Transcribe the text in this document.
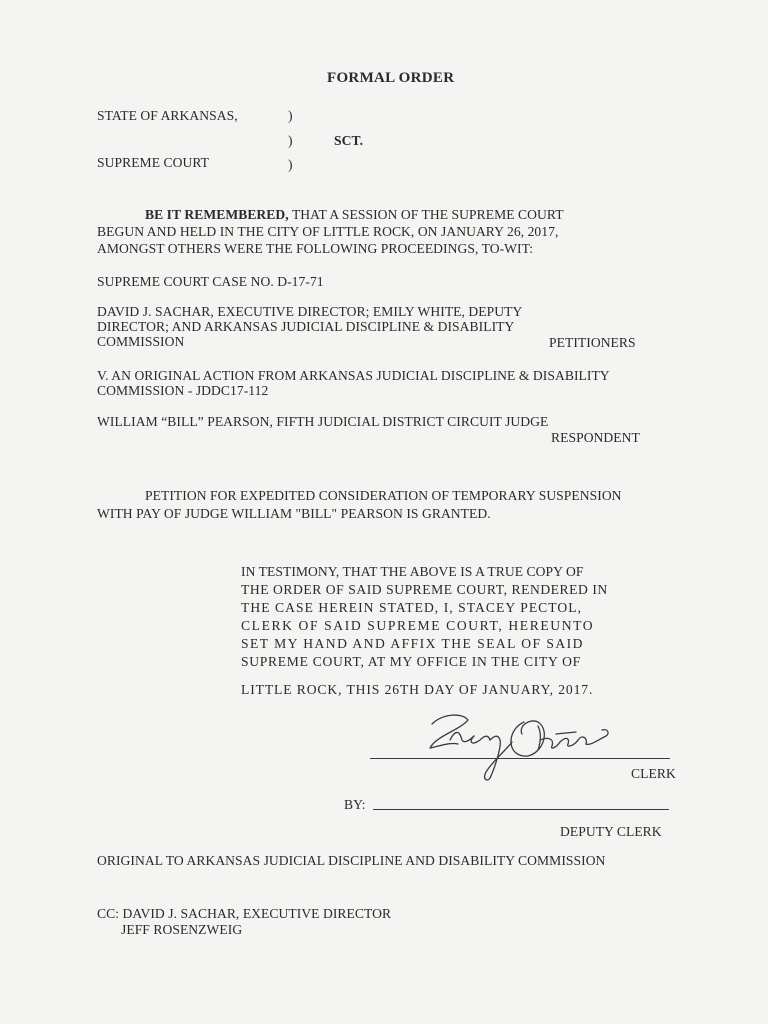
FORMAL ORDER
STATE OF ARKANSAS,	)
)	SCT.
SUPREME COURT	)
BE IT REMEMBERED, THAT A SESSION OF THE SUPREME COURT
BEGUN AND HELD IN THE CITY OF LITTLE ROCK, ON JANUARY 26, 2017,
AMONGST OTHERS WERE THE FOLLOWING PROCEEDINGS, TO-WIT:
SUPREME COURT CASE NO. D-17-71
DAVID J. SACHAR, EXECUTIVE DIRECTOR; EMILY WHITE, DEPUTY
DIRECTOR; AND ARKANSAS JUDICIAL DISCIPLINE & DISABILITY
COMMISSION	PETITIONERS
V. AN ORIGINAL ACTION FROM ARKANSAS JUDICIAL DISCIPLINE & DISABILITY
COMMISSION - JDDC17-112
WILLIAM “BILL” PEARSON, FIFTH JUDICIAL DISTRICT CIRCUIT JUDGE
RESPONDENT
PETITION FOR EXPEDITED CONSIDERATION OF TEMPORARY SUSPENSION
WITH PAY OF JUDGE WILLIAM "BILL" PEARSON IS GRANTED.
IN TESTIMONY, THAT THE ABOVE IS A TRUE COPY OF
THE ORDER OF SAID SUPREME COURT, RENDERED IN
THE CASE HEREIN STATED, I, STACEY PECTOL,
CLERK OF SAID SUPREME COURT, HEREUNTO
SET MY HAND AND AFFIX THE SEAL OF SAID
SUPREME COURT, AT MY OFFICE IN THE CITY OF
LITTLE ROCK, THIS 26TH DAY OF JANUARY, 2017.
CLERK
BY:
DEPUTY CLERK
ORIGINAL TO ARKANSAS JUDICIAL DISCIPLINE AND DISABILITY COMMISSION
CC: DAVID J. SACHAR, EXECUTIVE DIRECTOR
JEFF ROSENZWEIG
